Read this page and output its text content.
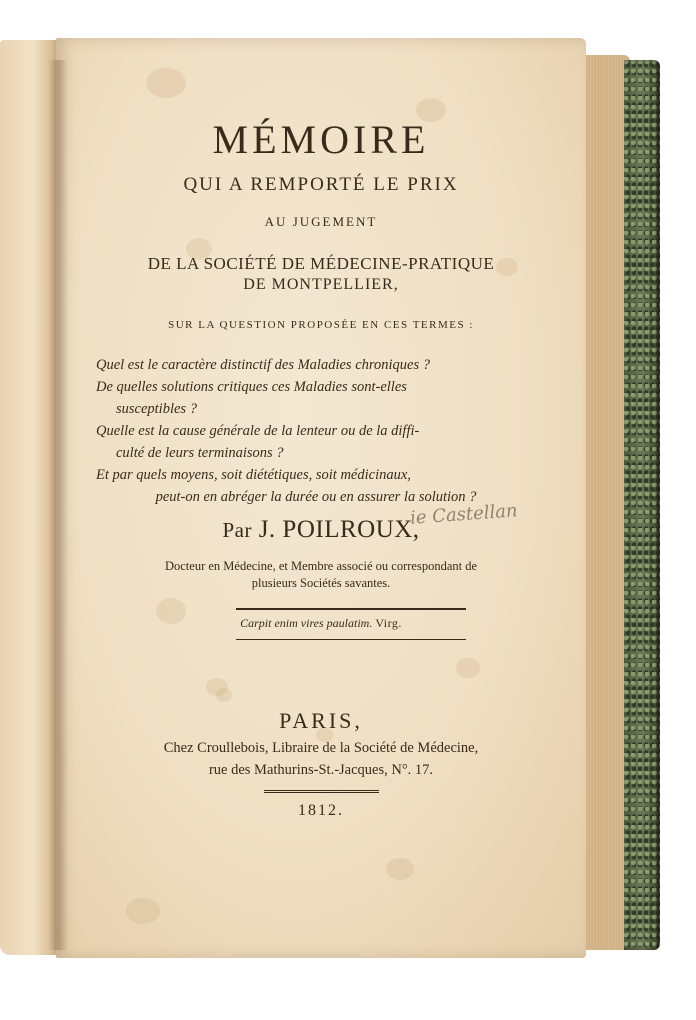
MÉMOIRE
QUI A REMPORTÉ LE PRIX
AU JUGEMENT
DE LA SOCIÉTÉ DE MÉDECINE-PRATIQUE
DE MONTPELLIER,
SUR LA QUESTION PROPOSÉE EN CES TERMES :
Quel est le caractère distinctif des Maladies chroniques ?
De quelles solutions critiques ces Maladies sont-elles
susceptibles ?
Quelle est la cause générale de la lenteur ou de la diffi-
culté de leurs terminaisons ?
Et par quels moyens, soit diététiques, soit médicinaux,
peut-on en abréger la durée ou en assurer la solution ?
Par J. POILROUX,
ie Castellan
Docteur en Médecine, et Membre associé ou correspondant de
plusieurs Sociétés savantes.
Carpit enim vires paulatim. Virg.
PARIS,
Chez Croullebois, Libraire de la Société de Médecine,
rue des Mathurins-St.-Jacques, N°. 17.
1812.
